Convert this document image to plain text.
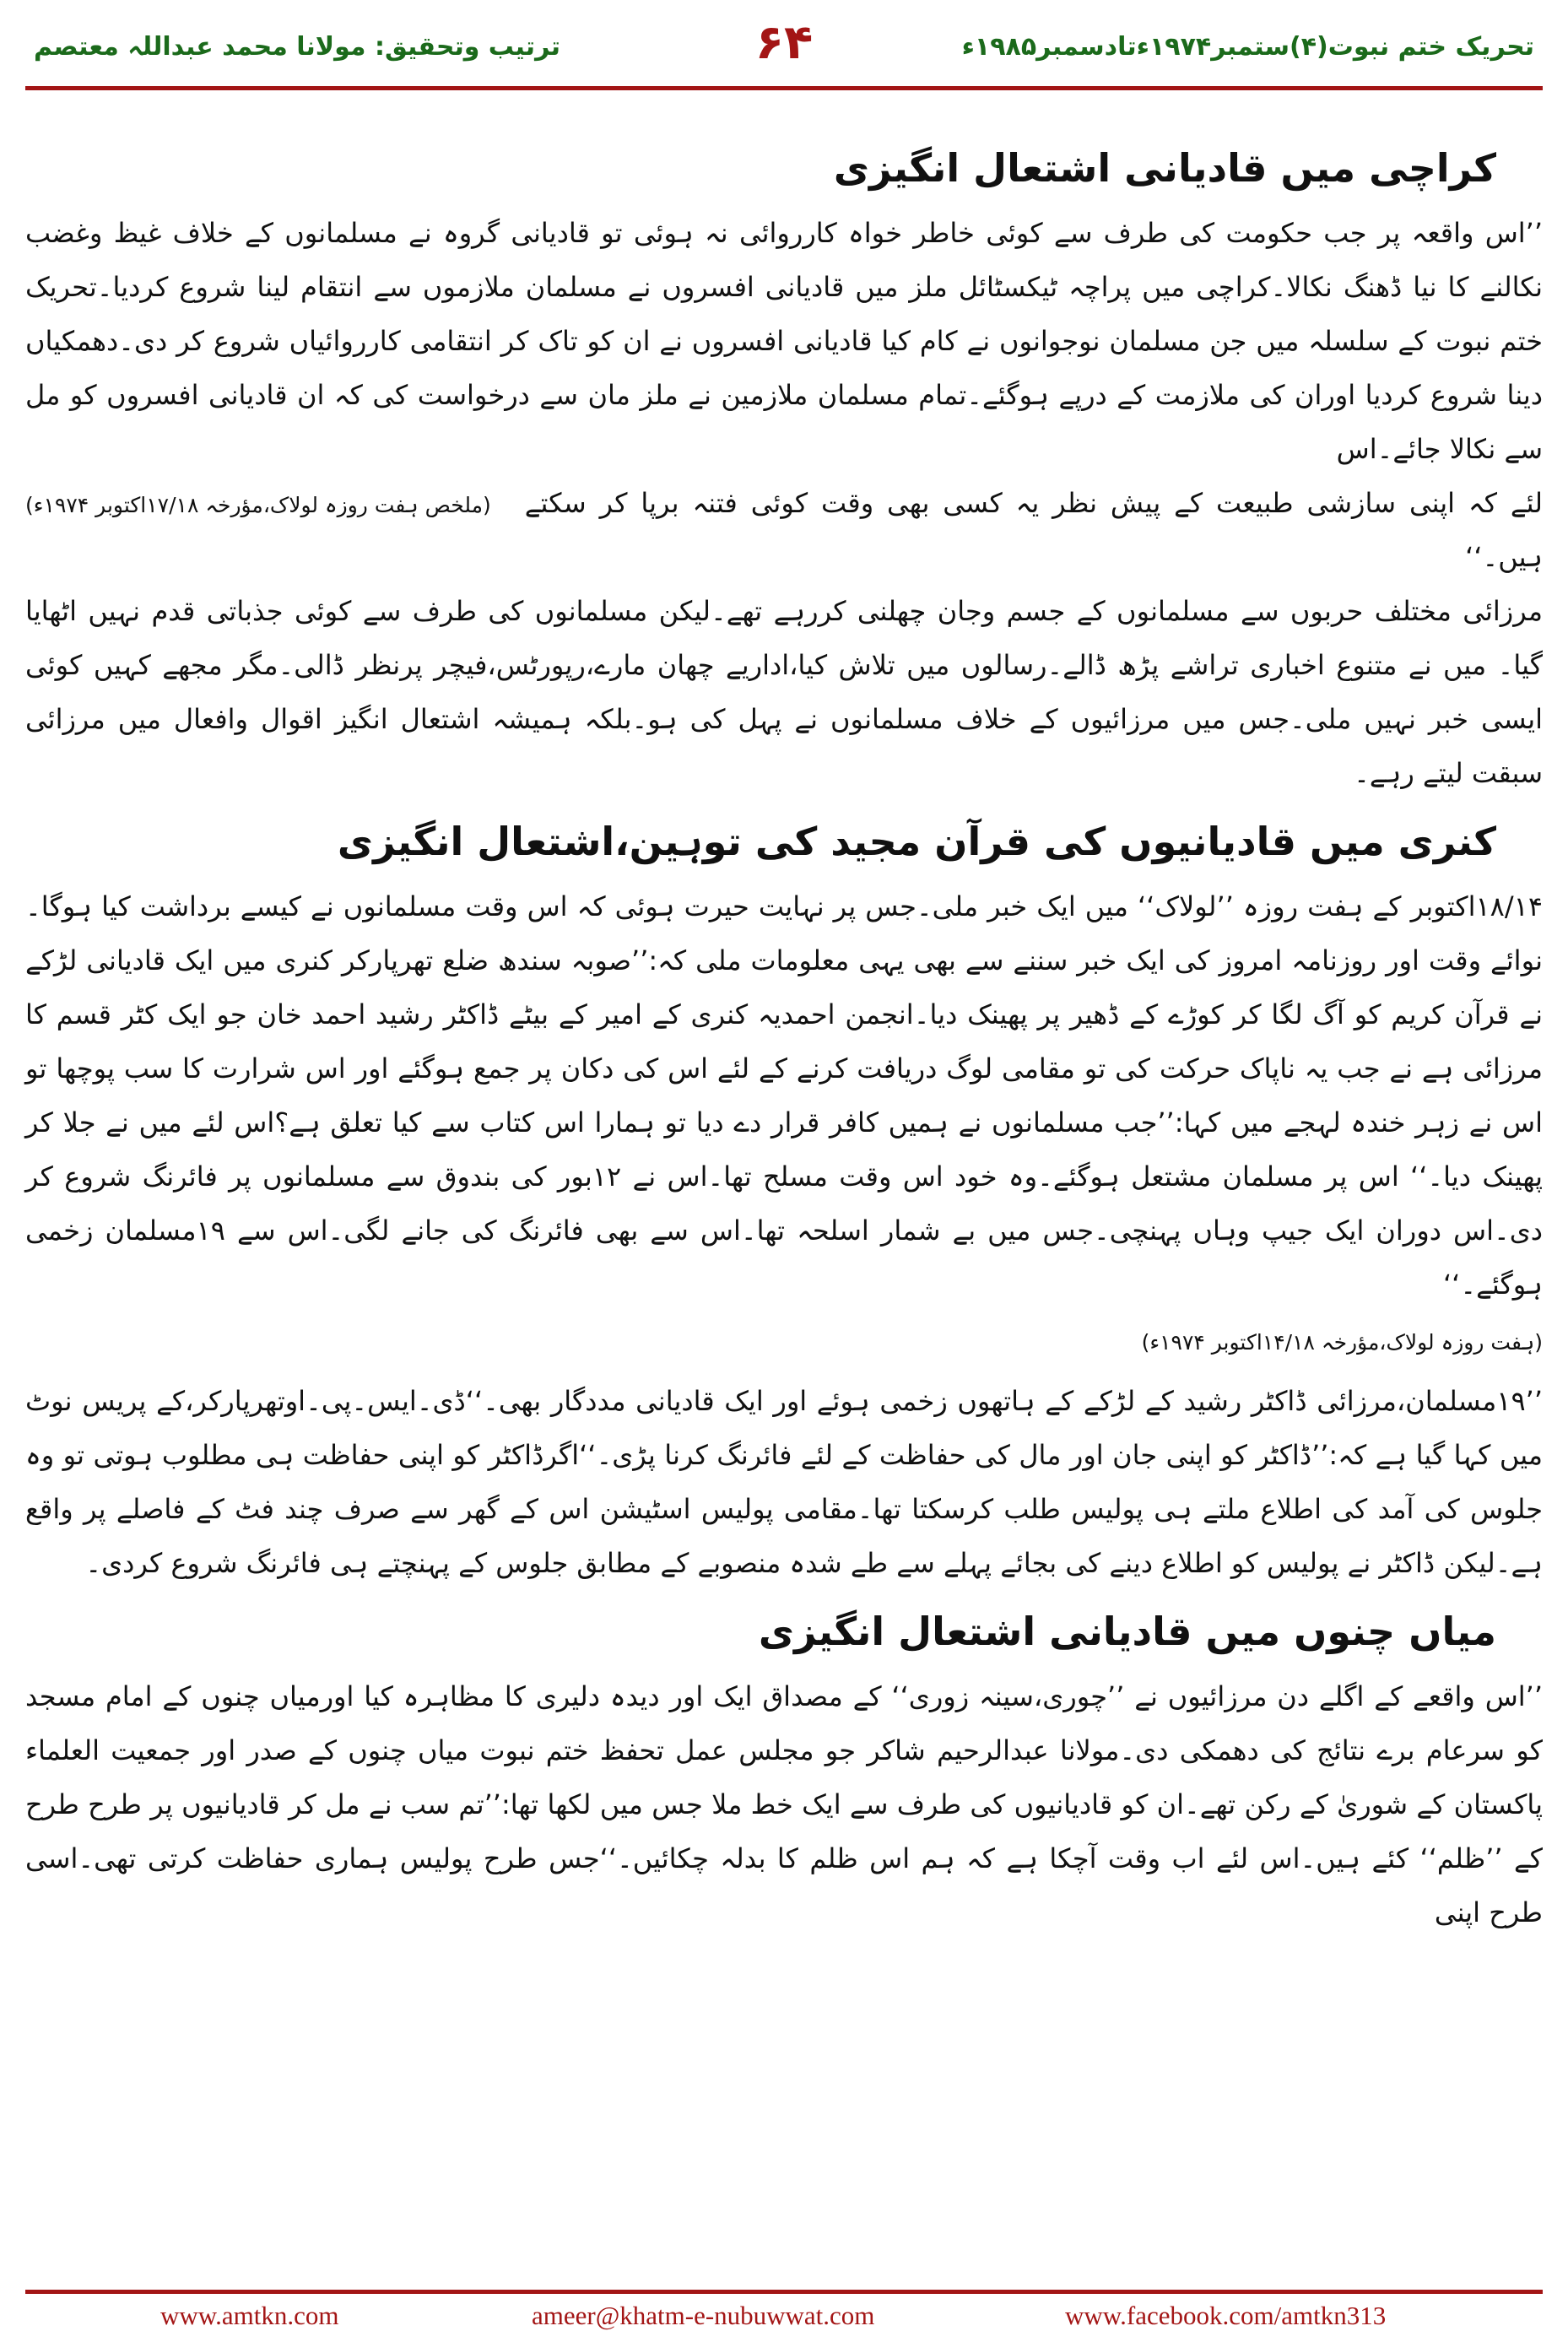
تحریک ختم نبوت(۴)ستمبر۱۹۷۴ءتادسمبر۱۹۸۵ء
۶۴
ترتیب وتحقیق: مولانا محمد عبداللہ معتصم
کراچی میں قادیانی اشتعال انگیزی

’’اس واقعہ پر جب حکومت کی طرف سے کوئی خاطر خواہ کارروائی نہ ہوئی تو قادیانی گروہ نے مسلمانوں کے خلاف غیظ وغضب نکالنے کا نیا ڈھنگ نکالا۔کراچی میں پراچہ ٹیکسٹائل ملز میں قادیانی افسروں نے مسلمان ملازموں سے انتقام لینا شروع کردیا۔تحریک ختم نبوت کے سلسلہ میں جن مسلمان نوجوانوں نے کام کیا قادیانی افسروں نے ان کو تاک کر انتقامی کارروائیاں شروع کر دی۔دھمکیاں دینا شروع کردیا اوران کی ملازمت کے درپے ہوگئے۔تمام مسلمان ملازمین نے ملز مان سے درخواست کی کہ ان قادیانی افسروں کو مل سے نکالا جائے۔اس

لئے کہ اپنی سازشی طبیعت کے پیش نظر یہ کسی بھی وقت کوئی فتنہ برپا کر سکتے ہیں۔‘‘

(ملخص ہفت روزہ لولاک،مؤرخہ ۱۷/۱۸اکتوبر ۱۹۷۴ء)

مرزائی مختلف حربوں سے مسلمانوں کے جسم وجان چھلنی کررہے تھے۔لیکن مسلمانوں کی طرف سے کوئی جذباتی قدم نہیں اٹھایا گیا۔ میں نے متنوع اخباری تراشے پڑھ ڈالے۔رسالوں میں تلاش کیا،اداریے چھان مارے،رپورٹس،فیچر پرنظر ڈالی۔مگر مجھے کہیں کوئی ایسی خبر نہیں ملی۔جس میں مرزائیوں کے خلاف مسلمانوں نے پہل کی ہو۔بلکہ ہمیشہ اشتعال انگیز اقوال وافعال میں مرزائی سبقت لیتے رہے۔

کنری میں قادیانیوں کی قرآن مجید کی توہین،اشتعال انگیزی

۱۸/۱۴اکتوبر کے ہفت روزہ ’’لولاک‘‘ میں ایک خبر ملی۔جس پر نہایت حیرت ہوئی کہ اس وقت مسلمانوں نے کیسے برداشت کیا ہوگا۔نوائے وقت اور روزنامہ امروز کی ایک خبر سننے سے بھی یہی معلومات ملی کہ:’’صوبہ سندھ ضلع تھرپارکر کنری میں ایک قادیانی لڑکے نے قرآن کریم کو آگ لگا کر کوڑے کے ڈھیر پر پھینک دیا۔انجمن احمدیہ کنری کے امیر کے بیٹے ڈاکٹر رشید احمد خان جو ایک کٹر قسم کا مرزائی ہے نے جب یہ ناپاک حرکت کی تو مقامی لوگ دریافت کرنے کے لئے اس کی دکان پر جمع ہوگئے اور اس شرارت کا سب پوچھا تو اس نے زہر خندہ لہجے میں کہا:’’جب مسلمانوں نے ہمیں کافر قرار دے دیا تو ہمارا اس کتاب سے کیا تعلق ہے؟اس لئے میں نے جلا کر پھینک دیا۔‘‘ اس پر مسلمان مشتعل ہوگئے۔وہ خود اس وقت مسلح تھا۔اس نے ۱۲بور کی بندوق سے مسلمانوں پر فائرنگ شروع کر دی۔اس دوران ایک جیپ وہاں پہنچی۔جس میں بے شمار اسلحہ تھا۔اس سے بھی فائرنگ کی جانے لگی۔اس سے ۱۹مسلمان زخمی ہوگئے۔‘‘

(ہفت روزہ لولاک،مؤرخہ ۱۴/۱۸اکتوبر ۱۹۷۴ء)

’’۱۹مسلمان،مرزائی ڈاکٹر رشید کے لڑکے کے ہاتھوں زخمی ہوئے اور ایک قادیانی مددگار بھی۔‘‘ڈی۔ایس۔پی۔اوتھرپارکر،کے پریس نوٹ میں کہا گیا ہے کہ:’’ڈاکٹر کو اپنی جان اور مال کی حفاظت کے لئے فائرنگ کرنا پڑی۔‘‘اگرڈاکٹر کو اپنی حفاظت ہی مطلوب ہوتی تو وہ جلوس کی آمد کی اطلاع ملتے ہی پولیس طلب کرسکتا تھا۔مقامی پولیس اسٹیشن اس کے گھر سے صرف چند فٹ کے فاصلے پر واقع ہے۔لیکن ڈاکٹر نے پولیس کو اطلاع دینے کی بجائے پہلے سے طے شدہ منصوبے کے مطابق جلوس کے پہنچتے ہی فائرنگ شروع کردی۔

میاں چنوں میں قادیانی اشتعال انگیزی

’’اس واقعے کے اگلے دن مرزائیوں نے ’’چوری،سینہ زوری‘‘ کے مصداق ایک اور دیدہ دلیری کا مظاہرہ کیا اورمیاں چنوں کے امام مسجد کو سرعام برے نتائج کی دھمکی دی۔مولانا عبدالرحیم شاکر جو مجلس عمل تحفظ ختم نبوت میاں چنوں کے صدر اور جمعیت العلماء پاکستان کے شوریٰ کے رکن تھے۔ان کو قادیانیوں کی طرف سے ایک خط ملا جس میں لکھا تھا:’’تم سب نے مل کر قادیانیوں پر طرح طرح کے ’’ظلم‘‘ کئے ہیں۔اس لئے اب وقت آچکا ہے کہ ہم اس ظلم کا بدلہ چکائیں۔‘‘جس طرح پولیس ہماری حفاظت کرتی تھی۔اسی طرح اپنی

www.amtkn.com	ameer@khatm-e-nubuwwat.com	www.facebook.com/amtkn313
